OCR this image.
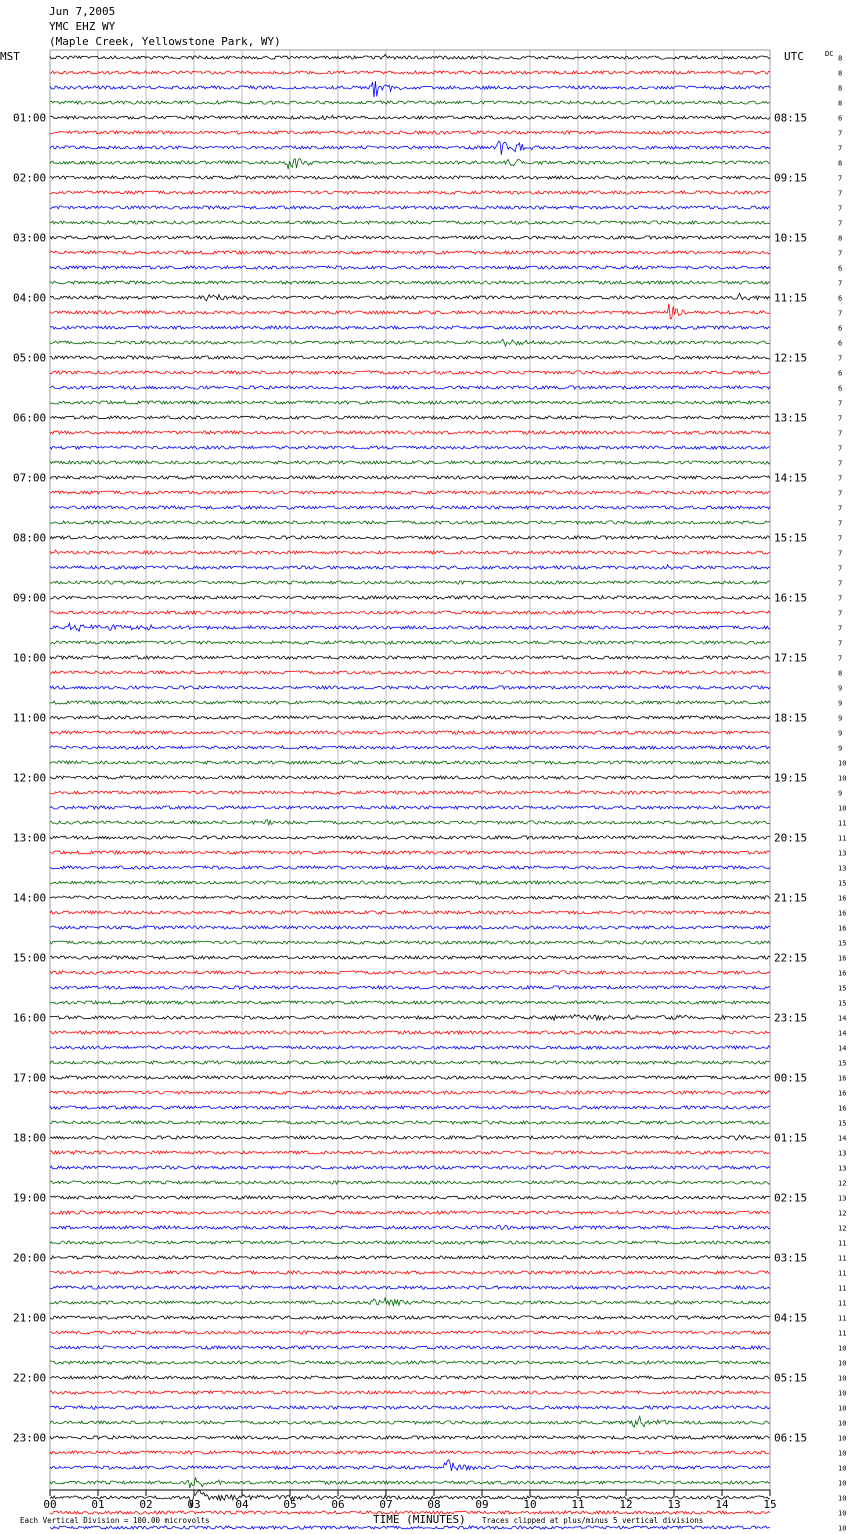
Jun 7,2005
YMC EHZ WY
(Maple Creek, Yellowstone Park, WY)
MST	UTC	DC
8
8
8
8
6
7
7
8
7
7
7
7
8
7
6
7
6
7
6
6
7
6
6
7
7
7
7
7
7
7
7
7
7
7
7
7
7
7
7
7
7
8
9
9
9
9
9
10
10
9
10
11
11
13
13
15
16
16
16
15
16
16
15
15
14
14
14
15
16
16
16
15
14
13
13
12
13
12
12
11
11
11
11
11
11
11
10
10
10
10
10
10
10
10
10
10
10
10
10
01:00
02:00
03:00
04:00
05:00
06:00
07:00
08:00
09:00
10:00
11:00
12:00
13:00
14:00
15:00
16:00
17:00
18:00
19:00
20:00
21:00
22:00
23:00
08:15
09:15
10:15
11:15
12:15
13:15
14:15
15:15
16:15
17:15
18:15
19:15
20:15
21:15
22:15
23:15
00:15
01:15
02:15
03:15
04:15
05:15
06:15
00	01	02	03	04	05	06	07	08	09	10	11	12	13	14	15
Each Vertical Division = 100.00 microvolts	TIME (MINUTES) Traces clipped at plus/minus 5 vertical divisions
